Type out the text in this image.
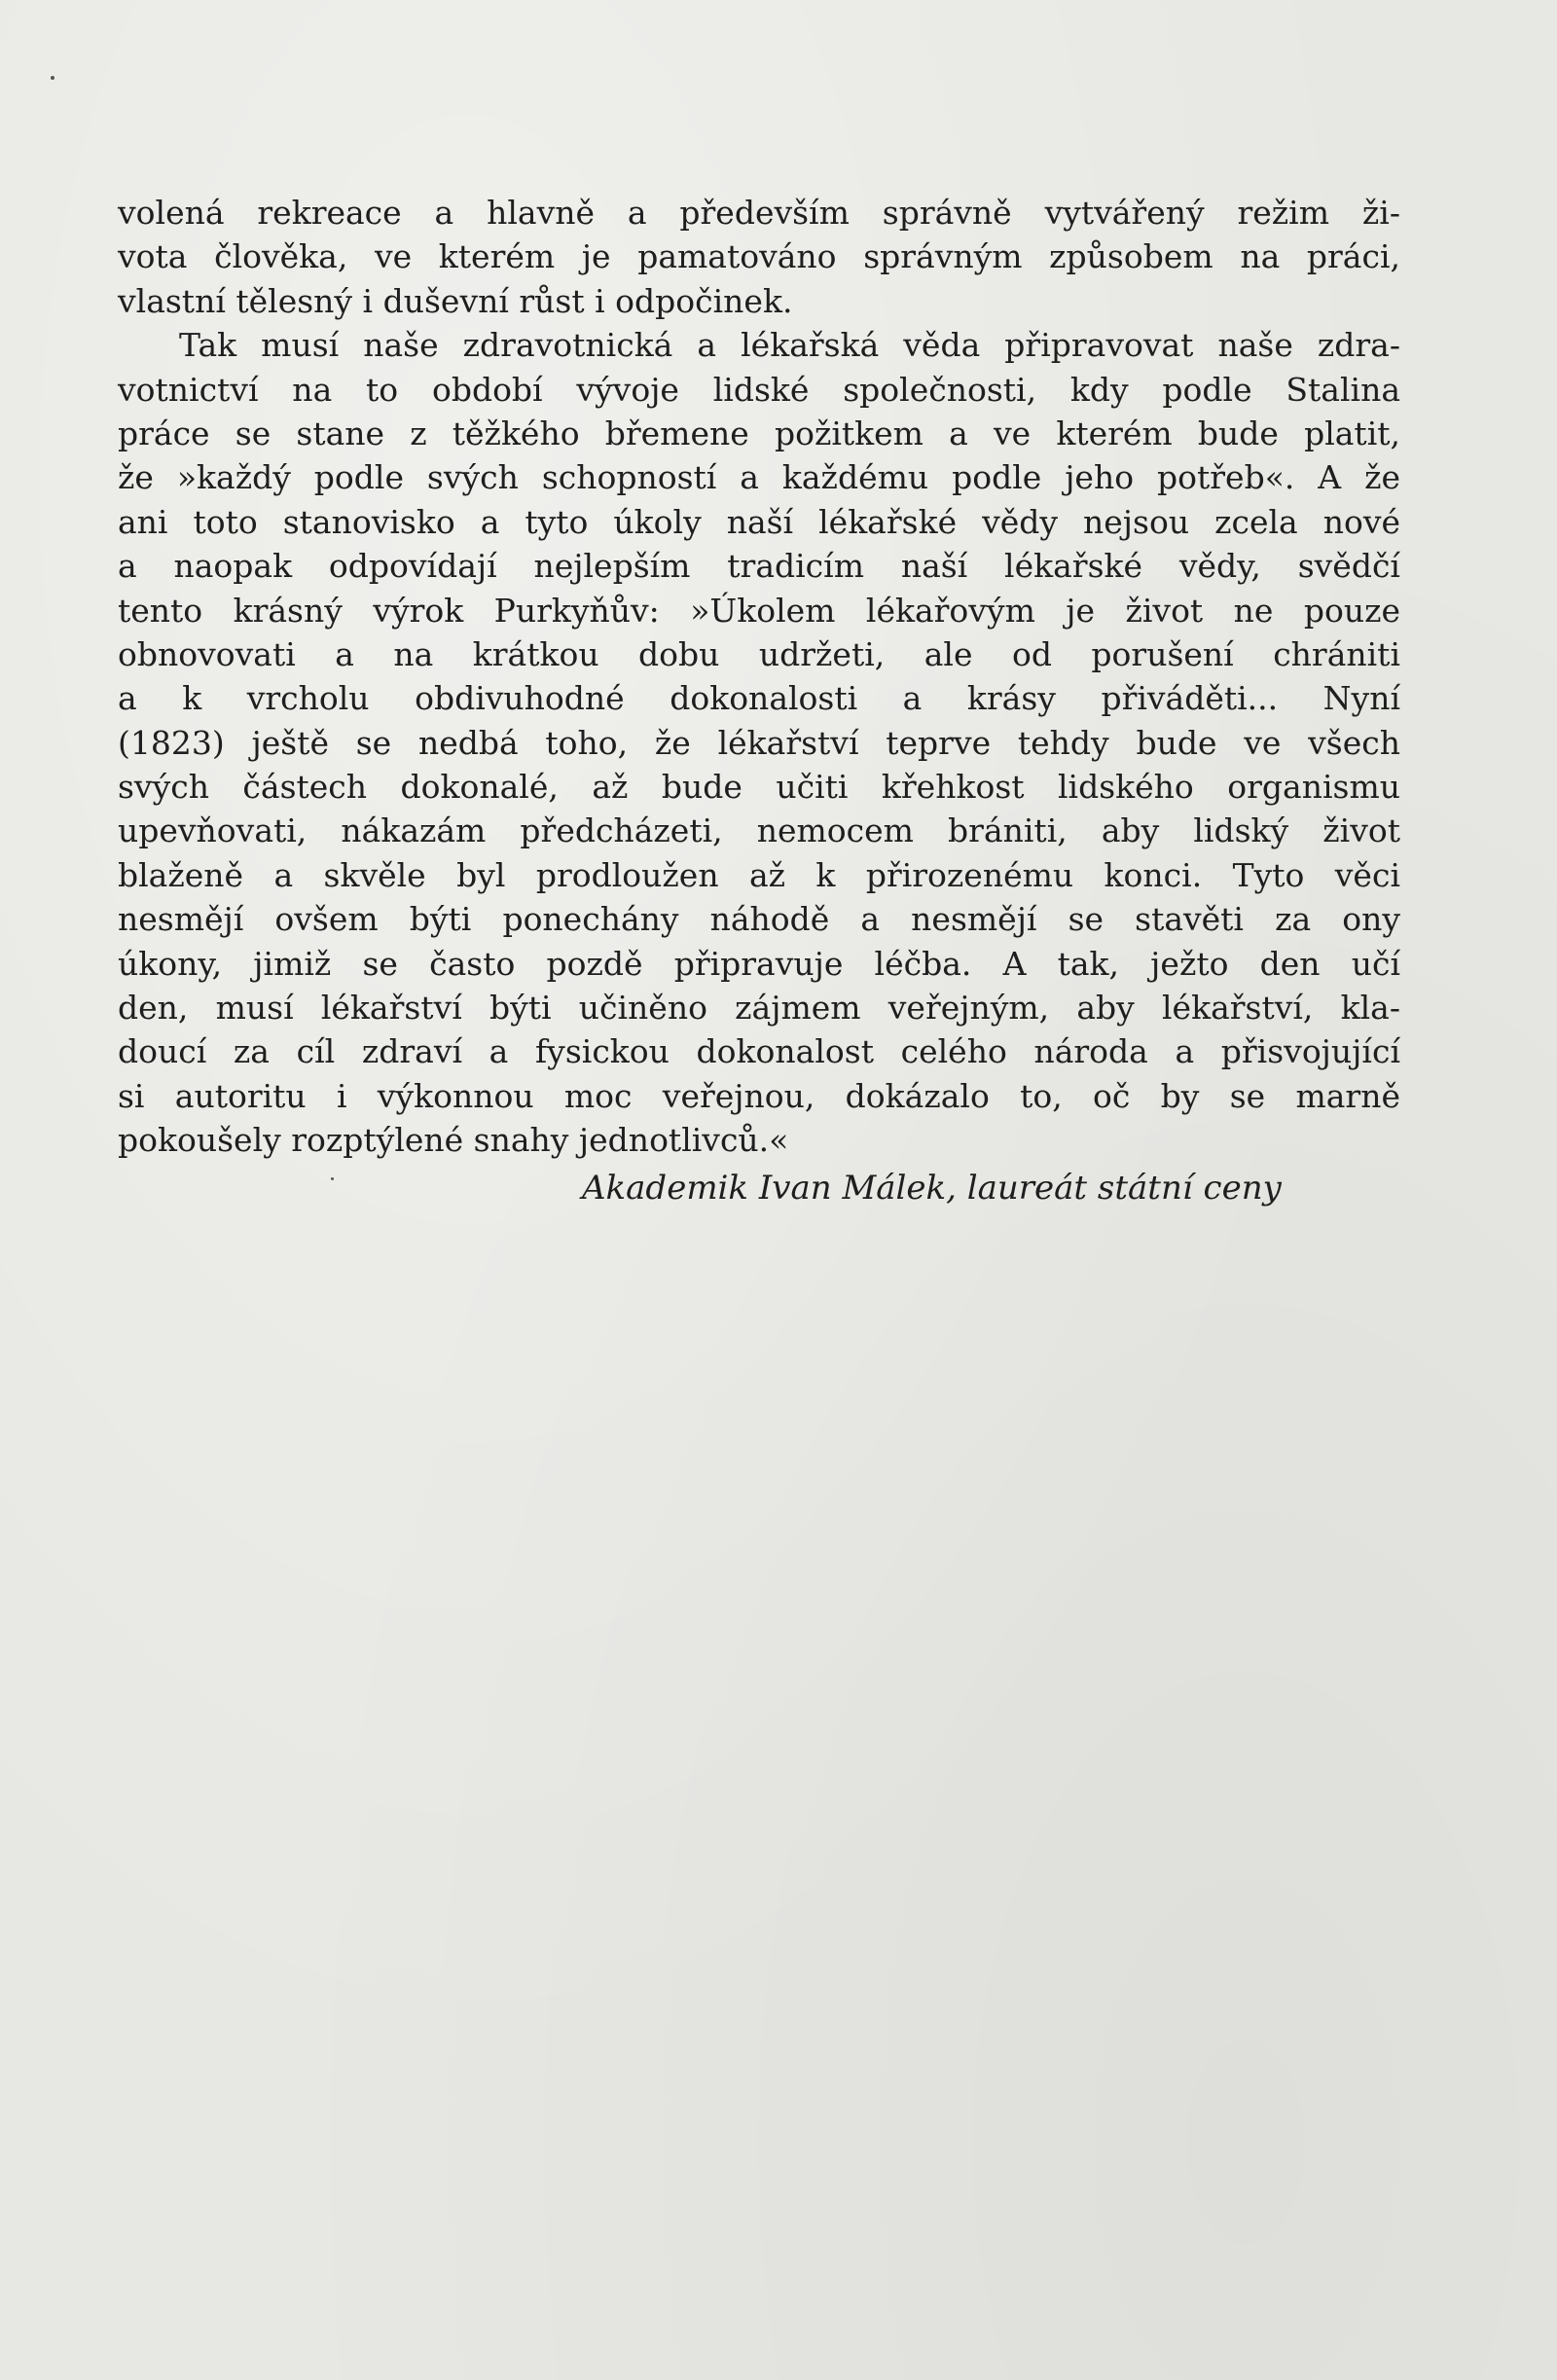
volená rekreace a hlavně a především správně vytvářený režim ži-
vota člověka, ve kterém je pamatováno správným způsobem na práci,
vlastní tělesný i duševní růst i odpočinek.
Tak musí naše zdravotnická a lékařská věda připravovat naše zdra-
votnictví na to období vývoje lidské společnosti, kdy podle Stalina
práce se stane z těžkého břemene požitkem a ve kterém bude platit,
že »každý podle svých schopností a každému podle jeho potřeb«. A že
ani toto stanovisko a tyto úkoly naší lékařské vědy nejsou zcela nové
a naopak odpovídají nejlepším tradicím naší lékařské vědy, svědčí
tento krásný výrok Purkyňův: »Úkolem lékařovým je život ne pouze
obnovovati a na krátkou dobu udržeti, ale od porušení chrániti
a k vrcholu obdivuhodné dokonalosti a krásy přiváděti... Nyní
(1823) ještě se nedbá toho, že lékařství teprve tehdy bude ve všech
svých částech dokonalé, až bude učiti křehkost lidského organismu
upevňovati, nákazám předcházeti, nemocem brániti, aby lidský život
blaženě a skvěle byl prodloužen až k přirozenému konci. Tyto věci
nesmějí ovšem býti ponechány náhodě a nesmějí se stavěti za ony
úkony, jimiž se často pozdě připravuje léčba. A tak, ježto den učí
den, musí lékařství býti učiněno zájmem veřejným, aby lékařství, kla-
doucí za cíl zdraví a fysickou dokonalost celého národa a přisvojující
si autoritu i výkonnou moc veřejnou, dokázalo to, oč by se marně
pokoušely rozptýlené snahy jednotlivců.«
Akademik Ivan Málek, laureát státní ceny
